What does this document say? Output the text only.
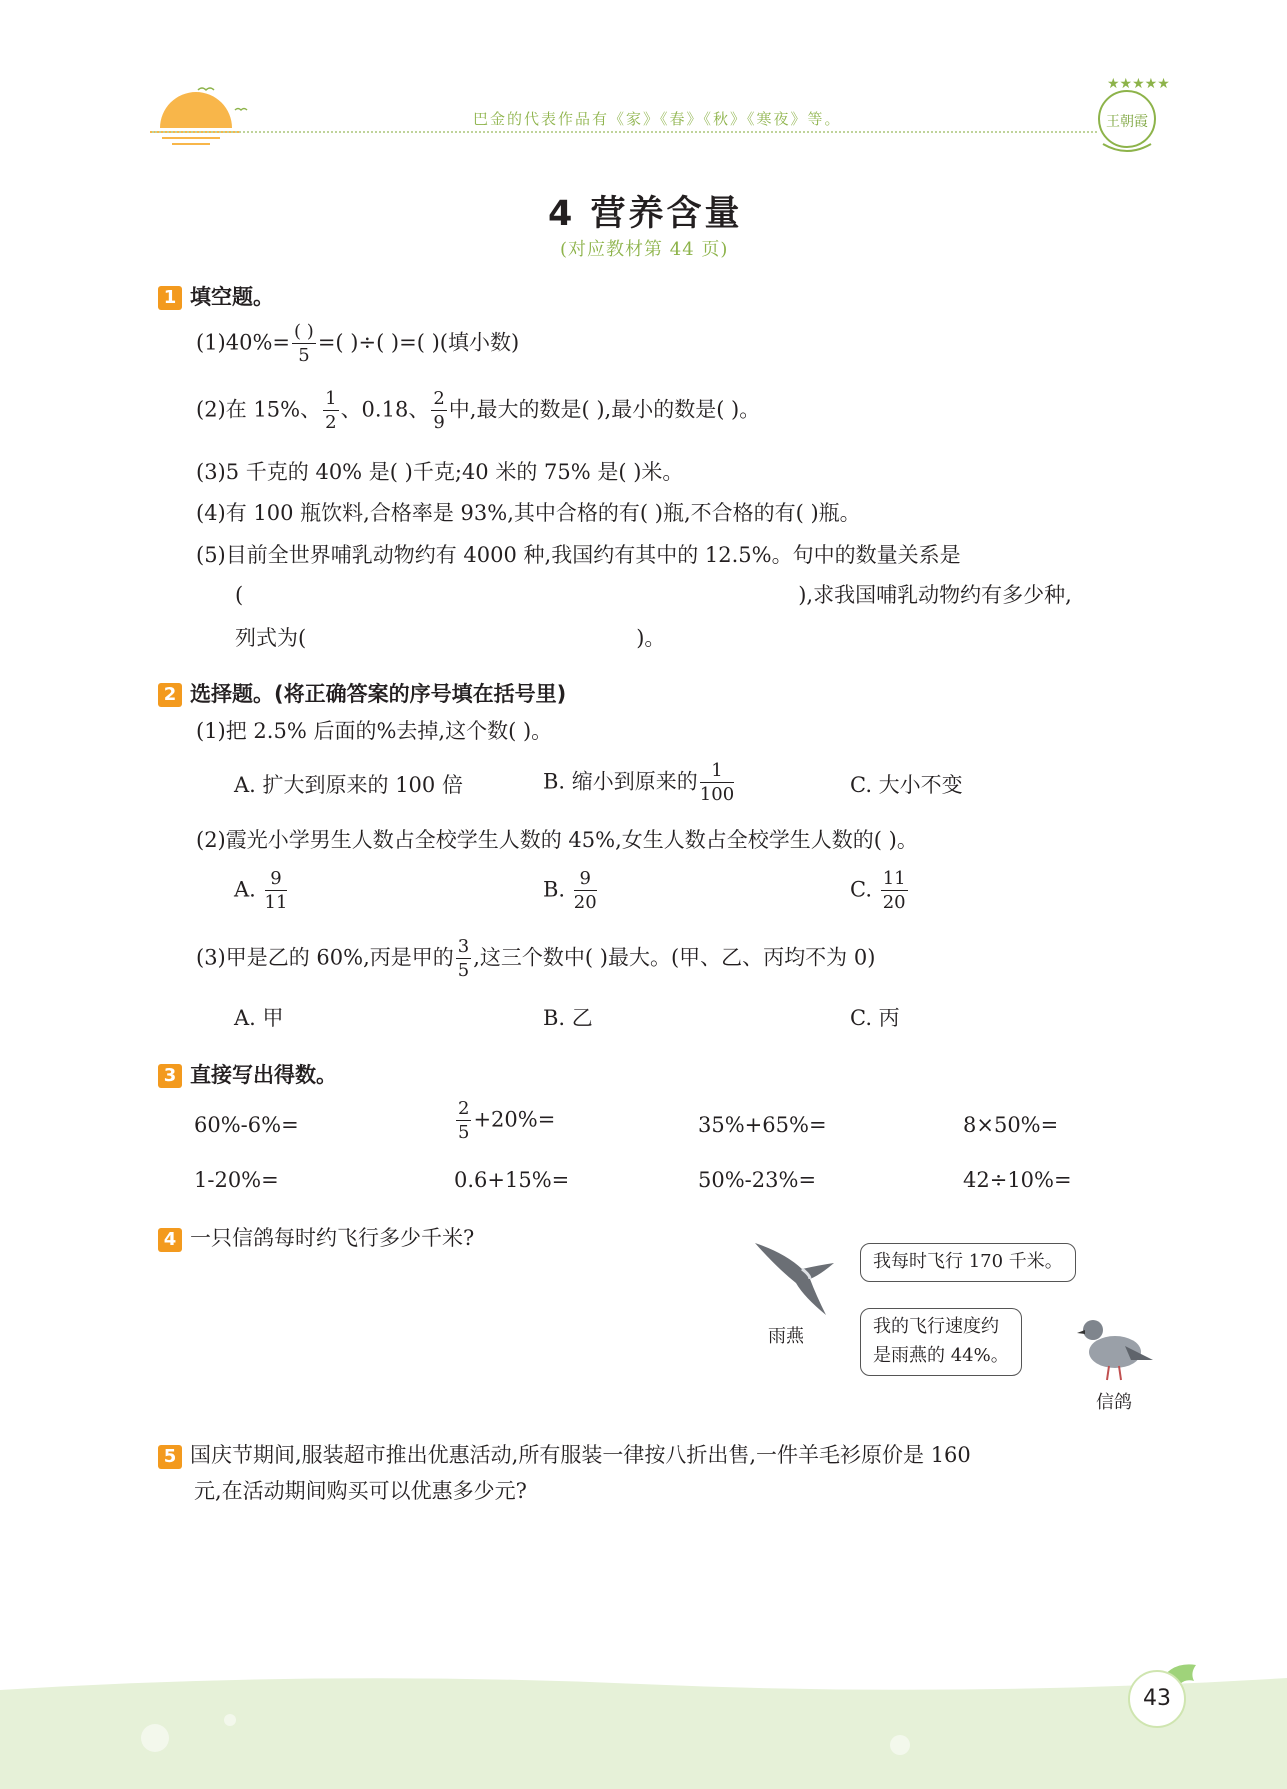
巴金的代表作品有《家》《春》《秋》《寒夜》等。
★★★★★
王朝霞
4 营养含量
(对应教材第 44 页)
1 填空题。
$(1)40\%= \frac{( )}{5}$ =( )÷( )=( )(填小数)
(2)在 15%、 $\frac{1}{2}$ 、0.18、 $\frac{2}{9}$ 中,最大的数是( ),最小的数是( )。
(3)5 千克的 40% 是( )千克;40 米的 75% 是( )米。
(4)有 100 瓶饮料,合格率是 93%,其中合格的有( )瓶,不合格的有( )瓶。
(5)目前全世界哺乳动物约有 4000 种,我国约有其中的 12.5%。句中的数量关系是
(	),求我国哺乳动物约有多少种,
列式为(	)。
2 选择题。(将正确答案的序号填在括号里)
(1)把 2.5% 后面的%去掉,这个数( )。
A. 扩大到原来的 100 倍	B. 缩小到原来的 $\frac{1}{100}$	C. 大小不变
(2)霞光小学男生人数占全校学生人数的 45%,女生人数占全校学生人数的( )。
A. $\frac{9}{11}$	B. $\frac{9}{20}$	C. $\frac{11}{20}$
(3)甲是乙的 60%,丙是甲的 $\frac{3}{5}$ ,这三个数中( )最大。(甲、乙、丙均不为 0)
A. 甲	B. 乙	C. 丙
3 直接写出得数。
60%-6%=	$\frac{2}{5} +20\%=$	35%+65%=	8×50%=
1-20%=	0.6+15%=	50%-23%=	42÷10%=
4 一只信鸽每时约飞行多少千米?
雨燕
我每时飞行 170 千米。
我的飞行速度约
是雨燕的 44%。
信鸽
5 国庆节期间,服装超市推出优惠活动,所有服装一律按八折出售,一件羊毛衫原价是 160
元,在活动期间购买可以优惠多少元?
43
